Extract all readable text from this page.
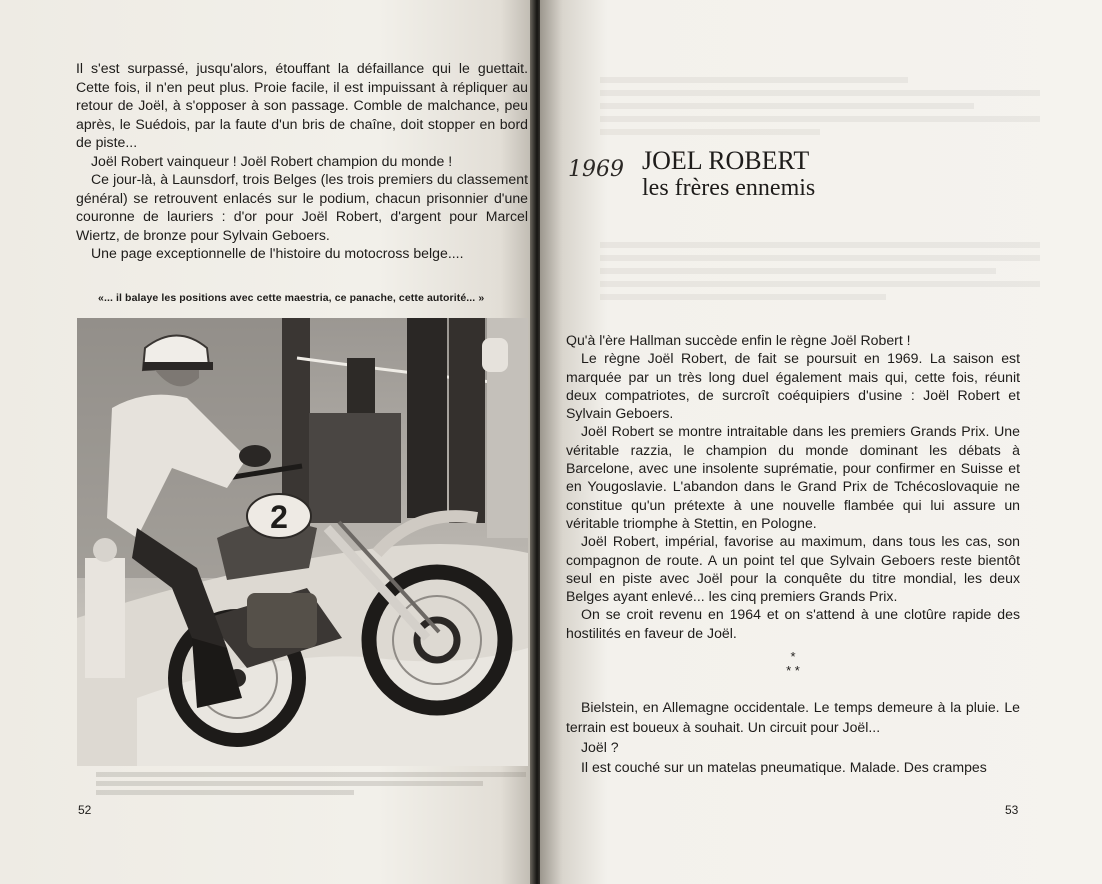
Il s'est surpassé, jusqu'alors, étouffant la défaillance qui le guettait. Cette fois, il n'en peut plus. Proie facile, il est impuissant à répliquer au retour de Joël, à s'opposer à son passage. Comble de malchance, peu après, le Suédois, par la faute d'un bris de chaîne, doit stopper en bord de piste...

Joël Robert vainqueur ! Joël Robert champion du monde !

Ce jour-là, à Launsdorf, trois Belges (les trois premiers du classement général) se retrouvent enlacés sur le podium, chacun prisonnier d'une couronne de lauriers : d'or pour Joël Robert, d'argent pour Marcel Wiertz, de bronze pour Sylvain Geboers.

Une page exceptionnelle de l'histoire du motocross belge....

«... il balaye les positions avec cette maestria, ce panache, cette autorité... »
2
52
1969 JOEL ROBERT
les frères ennemis

Qu'à l'ère Hallman succède enfin le règne Joël Robert !

Le règne Joël Robert, de fait se poursuit en 1969. La saison est marquée par un très long duel également mais qui, cette fois, réunit deux compatriotes, de surcroît coéquipiers d'usine : Joël Robert et Sylvain Geboers.

Joël Robert se montre intraitable dans les premiers Grands Prix. Une véritable razzia, le champion du monde dominant les débats à Barcelone, avec une insolente suprématie, pour confirmer en Suisse et en Yougoslavie. L'abandon dans le Grand Prix de Tchécoslovaquie ne constitue qu'un prétexte à une nouvelle flambée qui lui assure un véritable triomphe à Stettin, en Pologne.

Joël Robert, impérial, favorise au maximum, dans tous les cas, son compagnon de route. A un point tel que Sylvain Geboers reste bientôt seul en piste avec Joël pour la conquête du titre mondial, les deux Belges ayant enlevé... les cinq premiers Grands Prix.

On se croit revenu en 1964 et on s'attend à une clotûre rapide des hostilités en faveur de Joël.

*
* *

Bielstein, en Allemagne occidentale. Le temps demeure à la pluie. Le terrain est boueux à souhait. Un circuit pour Joël...

Joël ?

Il est couché sur un matelas pneumatique. Malade. Des crampes

53
